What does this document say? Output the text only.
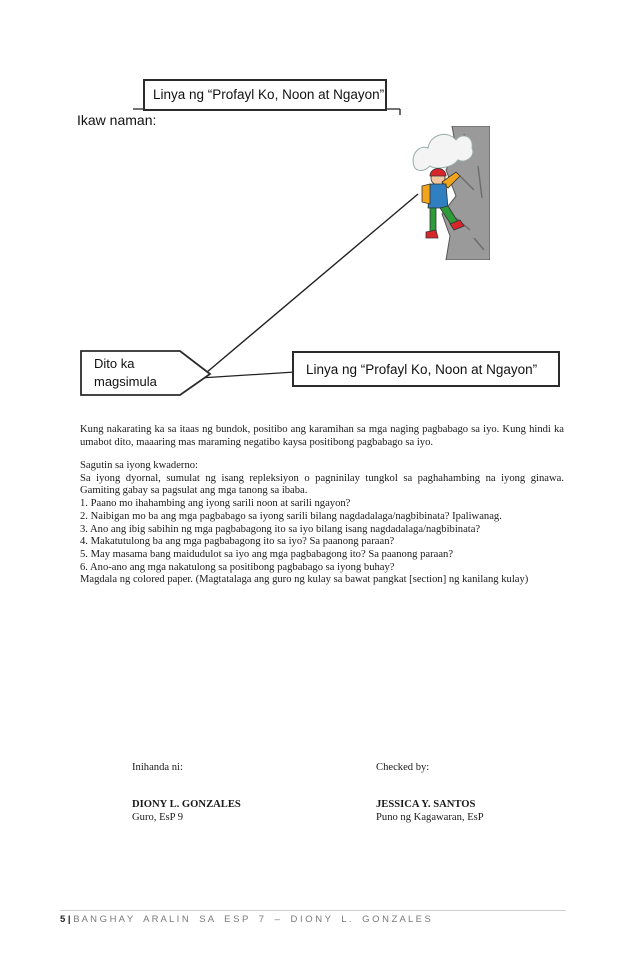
Linya ng “Profayl Ko, Noon at Ngayon”
Ikaw naman:
Dito ka
magsimula
Linya ng “Profayl Ko, Noon at Ngayon”
Kung nakarating ka sa itaas ng bundok, positibo ang karamihan sa mga naging pagbabago sa iyo. Kung hindi ka umabot dito, maaaring mas maraming negatibo kaysa positibong pagbabago sa iyo.
Sagutin sa iyong kwaderno:
Sa iyong dyornal, sumulat ng isang repleksiyon o pagninilay tungkol sa paghahambing na iyong ginawa. Gamiting gabay sa pagsulat ang mga tanong sa ibaba.
1. Paano mo ihahambing ang iyong sarili noon at sarili ngayon?
2. Naibigan mo ba ang mga pagbabago sa iyong sarili bilang nagdadalaga/nagbibinata? Ipaliwanag.
3. Ano ang ibig sabihin ng mga pagbabagong ito sa iyo bilang isang nagdadalaga/nagbibinata?
4. Makatutulong ba ang mga pagbabagong ito sa iyo? Sa paanong paraan?
5. May masama bang maidudulot sa iyo ang mga pagbabagong ito? Sa paanong paraan?
6. Ano-ano ang mga nakatulong sa positibong pagbabago sa iyong buhay?
Magdala ng colored paper. (Magtatalaga ang guro ng kulay sa bawat pangkat [section] ng kanilang kulay)
Inihanda ni:
DIONY L. GONZALES
Guro, EsP 9
Checked by:
JESSICA Y. SANTOS
Puno ng Kagawaran, EsP
5 | B A N G H A Y    A R A L I N    S A    E S P    7    –    D I O N Y    L .    G O N Z A L E S
